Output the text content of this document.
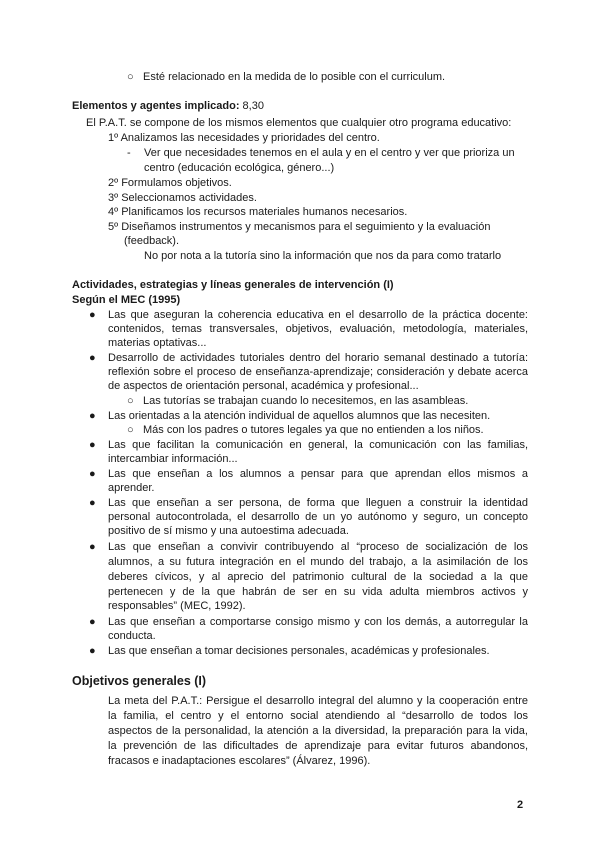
○ Esté relacionado en la medida de lo posible con el curriculum.
Elementos y agentes implicado: 8,30
El P.A.T. se compone de los mismos elementos que cualquier otro programa educativo:
1º Analizamos las necesidades y prioridades del centro.
- Ver que necesidades tenemos en el aula y en el centro y ver que prioriza un
centro (educación ecológica, género...)
2º Formulamos objetivos.
3º Seleccionamos actividades.
4º Planificamos los recursos materiales humanos necesarios.
5º Diseñamos instrumentos y mecanismos para el seguimiento y la evaluación
(feedback).
No por nota a la tutoría sino la información que nos da para como tratarlo
Actividades, estrategias y líneas generales de intervención (I)
Según el MEC (1995)
● Las que aseguran la coherencia educativa en el desarrollo de la práctica docente:
contenidos, temas transversales, objetivos, evaluación, metodología, materiales,
materias optativas...
● Desarrollo de actividades tutoriales dentro del horario semanal destinado a tutoría:
reflexión sobre el proceso de enseñanza-aprendizaje; consideración y debate acerca
de aspectos de orientación personal, académica y profesional...
○ Las tutorías se trabajan cuando lo necesitemos, en las asambleas.
● Las orientadas a la atención individual de aquellos alumnos que las necesiten.
○ Más con los padres o tutores legales ya que no entienden a los niños.
● Las que facilitan la comunicación en general, la comunicación con las familias,
intercambiar información...
● Las que enseñan a los alumnos a pensar para que aprendan ellos mismos a
aprender.
● Las que enseñan a ser persona, de forma que lleguen a construir la identidad
personal autocontrolada, el desarrollo de un yo autónomo y seguro, un concepto
positivo de sí mismo y una autoestima adecuada.
● Las que enseñan a convivir contribuyendo al “proceso de socialización de los
alumnos, a su futura integración en el mundo del trabajo, a la asimilación de los
deberes cívicos, y al aprecio del patrimonio cultural de la sociedad a la que
pertenecen y de la que habrán de ser en su vida adulta miembros activos y
responsables” (MEC, 1992).
● Las que enseñan a comportarse consigo mismo y con los demás, a autorregular la
conducta.
● Las que enseñan a tomar decisiones personales, académicas y profesionales.
Objetivos generales (I)
La meta del P.A.T.: Persigue el desarrollo integral del alumno y la cooperación entre
la familia, el centro y el entorno social atendiendo al “desarrollo de todos los
aspectos de la personalidad, la atención a la diversidad, la preparación para la vida,
la prevención de las dificultades de aprendizaje para evitar futuros abandonos,
fracasos e inadaptaciones escolares” (Álvarez, 1996).
2
